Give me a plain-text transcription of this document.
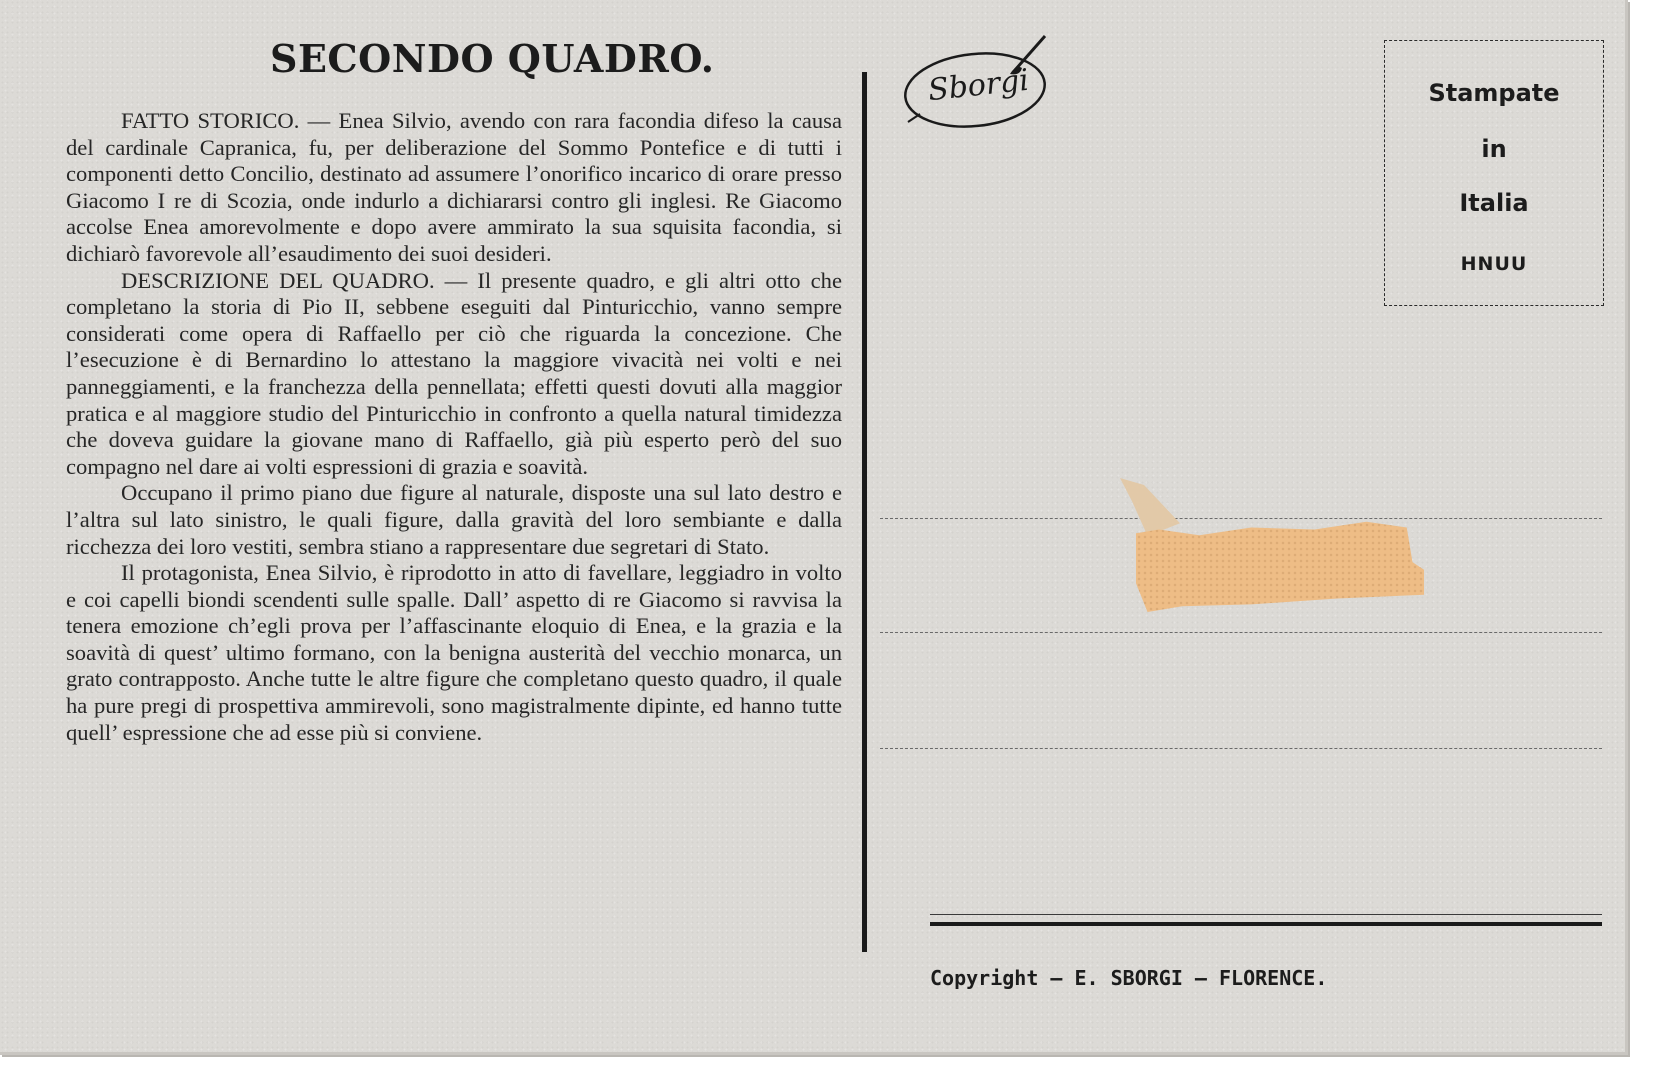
SECONDO QUADRO.

FATTO STORICO. — Enea Silvio, avendo con rara facondia difeso la causa del cardinale Capranica, fu, per deliberazione del Sommo Pontefice e di tutti i componenti detto Concilio, destinato ad assumere l’onorifico incarico di orare presso Giacomo I re di Scozia, onde indurlo a dichiararsi contro gli inglesi. Re Giacomo accolse Enea amorevolmente e dopo avere ammirato la sua squisita facondia, si dichiarò favorevole all’esaudimento dei suoi desideri.

DESCRIZIONE DEL QUADRO. — Il presente quadro, e gli altri otto che completano la storia di Pio II, sebbene eseguiti dal Pinturicchio, vanno sempre considerati come opera di Raffaello per ciò che riguarda la concezione. Che l’esecuzione è di Bernardino lo attestano la maggiore vivacità nei volti e nei panneggiamenti, e la franchezza della pennellata; effetti questi dovuti alla maggior pratica e al maggiore studio del Pinturicchio in confronto a quella natural timidezza che doveva guidare la giovane mano di Raffaello, già più esperto però del suo compagno nel dare ai volti espressioni di grazia e soavità.

Occupano il primo piano due figure al naturale, disposte una sul lato destro e l’altra sul lato sinistro, le quali figure, dalla gravità del loro sembiante e dalla ricchezza dei loro vestiti, sembra stiano a rappresentare due segretari di Stato.

Il protagonista, Enea Silvio, è riprodotto in atto di favellare, leggiadro in volto e coi capelli biondi scendenti sulle spalle. Dall’ aspetto di re Giacomo si ravvisa la tenera emozione ch’egli prova per l’affascinante eloquio di Enea, e la grazia e la soavità di quest’ ultimo formano, con la benigna austerità del vecchio monarca, un grato contrapposto. Anche tutte le altre figure che completano questo quadro, il quale ha pure pregi di prospettiva ammirevoli, sono magistralmente dipinte, ed hanno tutte quell’ espressione che ad esse più si conviene.

Sborgi	Stampate
in
Italia
HNUU
Copyright — E. SBORGI — FLORENCE.
